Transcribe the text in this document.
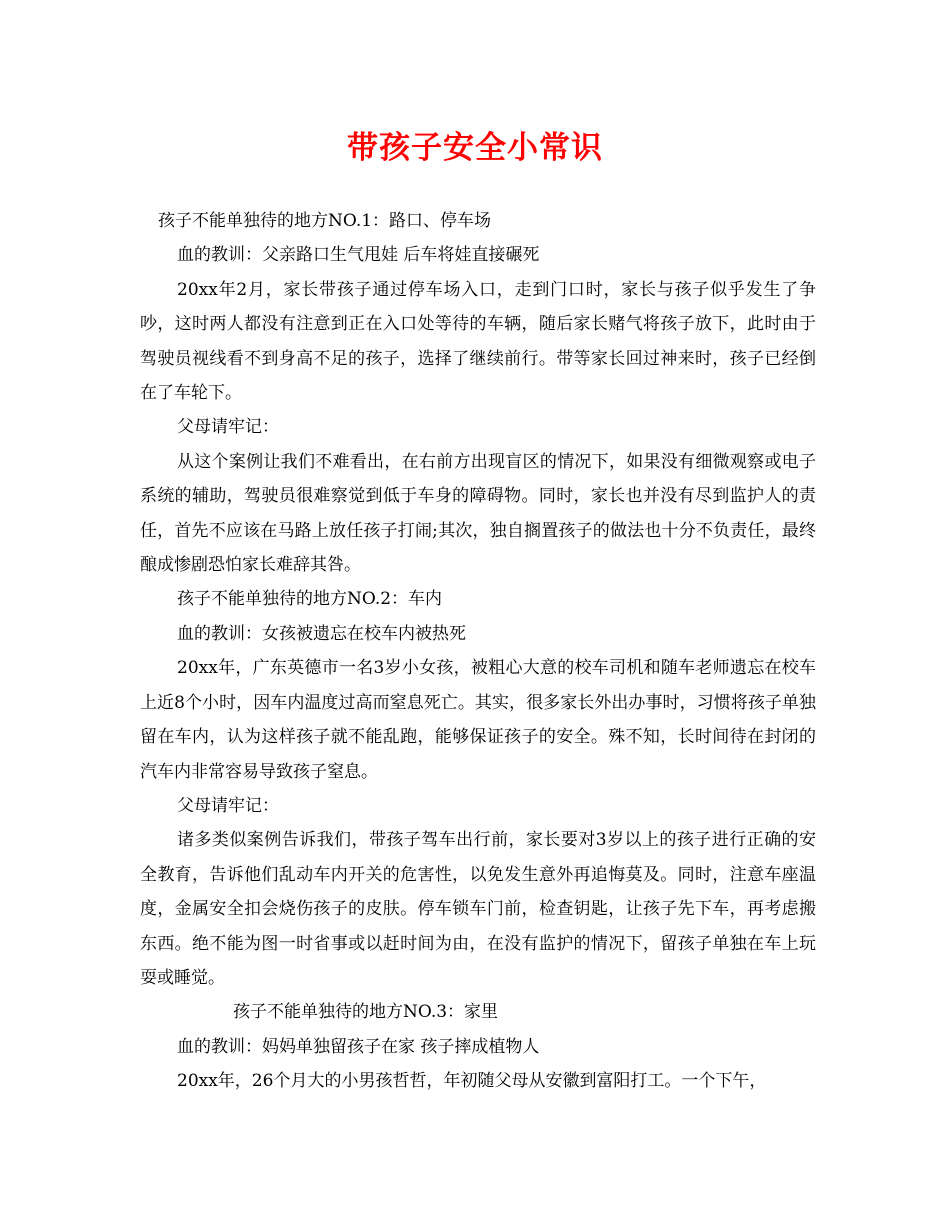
带孩子安全小常识

孩子不能单独待的地方NO.1：路口、停车场

血的教训：父亲路口生气甩娃 后车将娃直接碾死

20xx年2月，家长带孩子通过停车场入口，走到门口时，家长与孩子似乎发生了争吵，这时两人都没有注意到正在入口处等待的车辆，随后家长赌气将孩子放下，此时由于驾驶员视线看不到身高不足的孩子，选择了继续前行。带等家长回过神来时，孩子已经倒在了车轮下。

父母请牢记：

从这个案例让我们不难看出，在右前方出现盲区的情况下，如果没有细微观察或电子系统的辅助，驾驶员很难察觉到低于车身的障碍物。同时，家长也并没有尽到监护人的责任，首先不应该在马路上放任孩子打闹;其次，独自搁置孩子的做法也十分不负责任，最终酿成惨剧恐怕家长难辞其咎。

孩子不能单独待的地方NO.2：车内

血的教训：女孩被遗忘在校车内被热死

20xx年，广东英德市一名3岁小女孩，被粗心大意的校车司机和随车老师遗忘在校车上近8个小时，因车内温度过高而窒息死亡。其实，很多家长外出办事时，习惯将孩子单独留在车内，认为这样孩子就不能乱跑，能够保证孩子的安全。殊不知，长时间待在封闭的汽车内非常容易导致孩子窒息。

父母请牢记：

诸多类似案例告诉我们，带孩子驾车出行前，家长要对3岁以上的孩子进行正确的安全教育，告诉他们乱动车内开关的危害性，以免发生意外再追悔莫及。同时，注意车座温度，金属安全扣会烧伤孩子的皮肤。停车锁车门前，检查钥匙，让孩子先下车，再考虑搬东西。绝不能为图一时省事或以赶时间为由，在没有监护的情况下，留孩子单独在车上玩耍或睡觉。

孩子不能单独待的地方NO.3：家里

血的教训：妈妈单独留孩子在家 孩子摔成植物人

20xx年，26个月大的小男孩哲哲，年初随父母从安徽到富阳打工。一个下午，
